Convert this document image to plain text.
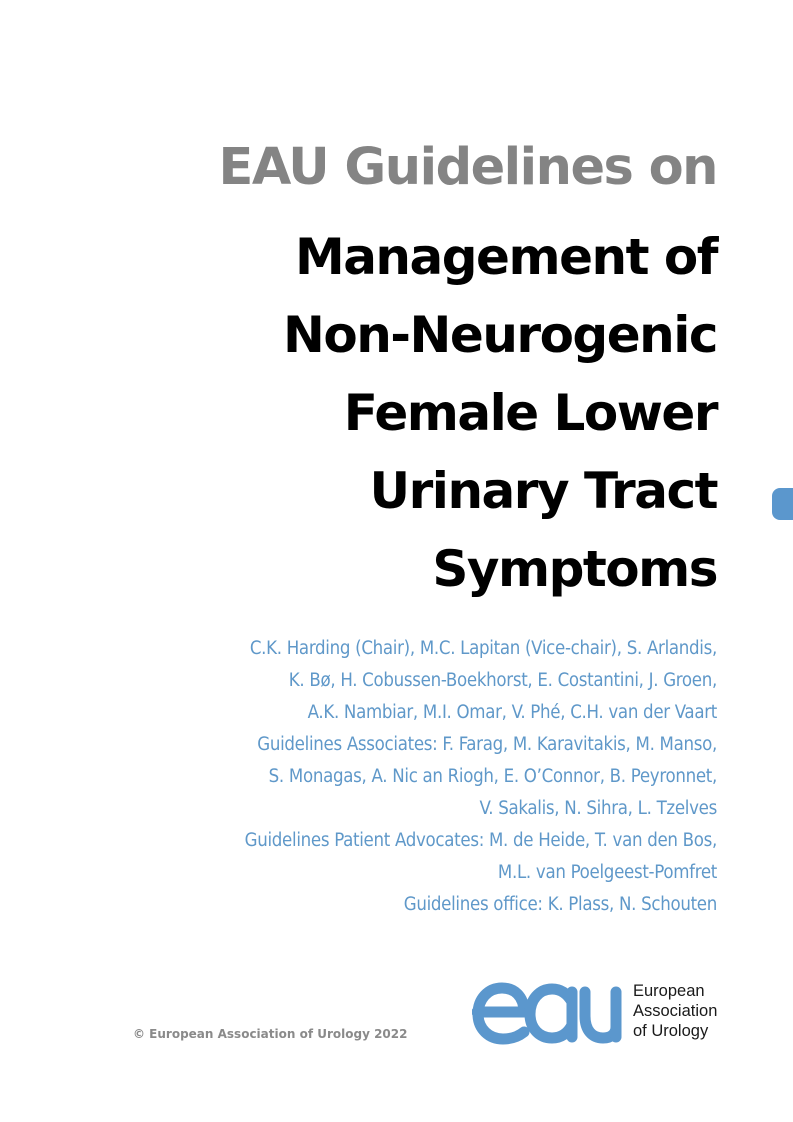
EAU Guidelines on
Management of
Non-Neurogenic
Female Lower
Urinary Tract
Symptoms
C.K. Harding (Chair), M.C. Lapitan (Vice-chair), S. Arlandis,
K. Bø, H. Cobussen-Boekhorst, E. Costantini, J. Groen,
A.K. Nambiar, M.I. Omar, V. Phé, C.H. van der Vaart
Guidelines Associates: F. Farag, M. Karavitakis, M. Manso,
S. Monagas, A. Nic an Riogh, E. O’Connor, B. Peyronnet,
V. Sakalis, N. Sihra, L. Tzelves
Guidelines Patient Advocates: M. de Heide, T. van den Bos,
M.L. van Poelgeest-Pomfret
Guidelines office: K. Plass, N. Schouten
© European Association of Urology 2022
European
Association
of Urology
